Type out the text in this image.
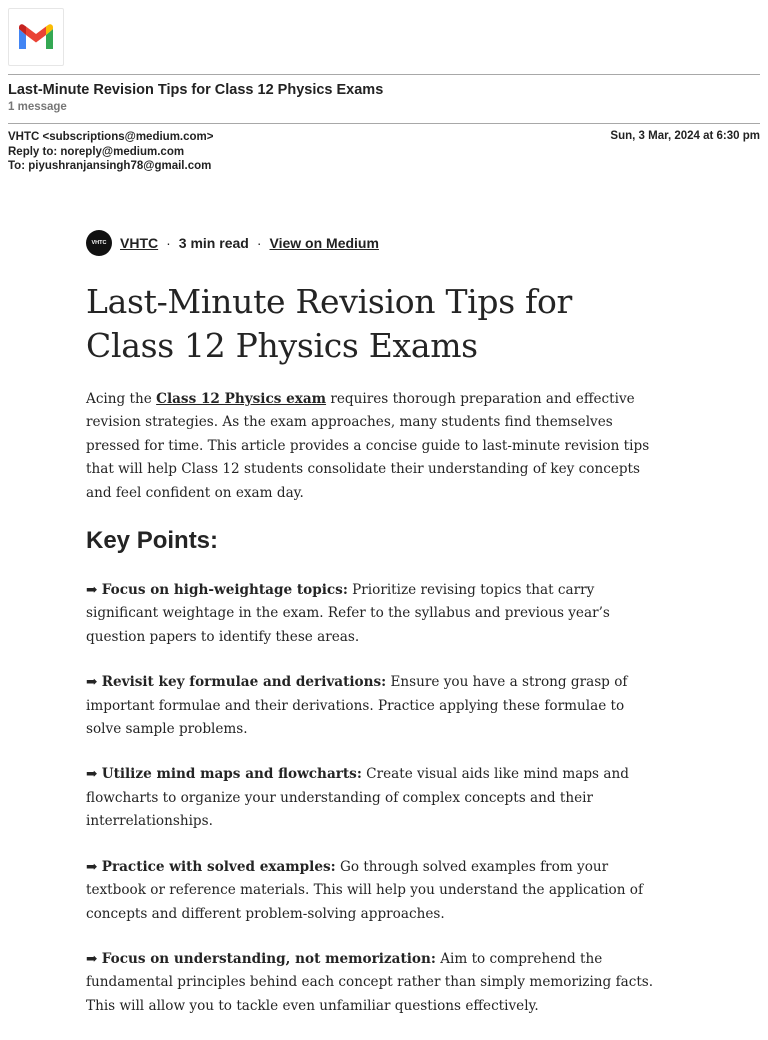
Last-Minute Revision Tips for Class 12 Physics Exams
1 message
VHTC <subscriptions@medium.com>
Reply to: noreply@medium.com
To: piyushranjansingh78@gmail.com
Sun, 3 Mar, 2024 at 6:30 pm
VHTC VHTC · 3 min read · View on Medium
Last-Minute Revision Tips for Class 12 Physics Exams

Acing the Class 12 Physics exam requires thorough preparation and effective revision strategies. As the exam approaches, many students find themselves pressed for time. This article provides a concise guide to last-minute revision tips that will help Class 12 students consolidate their understanding of key concepts and feel confident on exam day.

Key Points:

➡ Focus on high-weightage topics: Prioritize revising topics that carry significant weightage in the exam. Refer to the syllabus and previous year’s question papers to identify these areas.

➡ Revisit key formulae and derivations: Ensure you have a strong grasp of important formulae and their derivations. Practice applying these formulae to solve sample problems.

➡ Utilize mind maps and flowcharts: Create visual aids like mind maps and flowcharts to organize your understanding of complex concepts and their interrelationships.

➡ Practice with solved examples: Go through solved examples from your textbook or reference materials. This will help you understand the application of concepts and different problem-solving approaches.

➡ Focus on understanding, not memorization: Aim to comprehend the fundamental principles behind each concept rather than simply memorizing facts. This will allow you to tackle even unfamiliar questions effectively.
